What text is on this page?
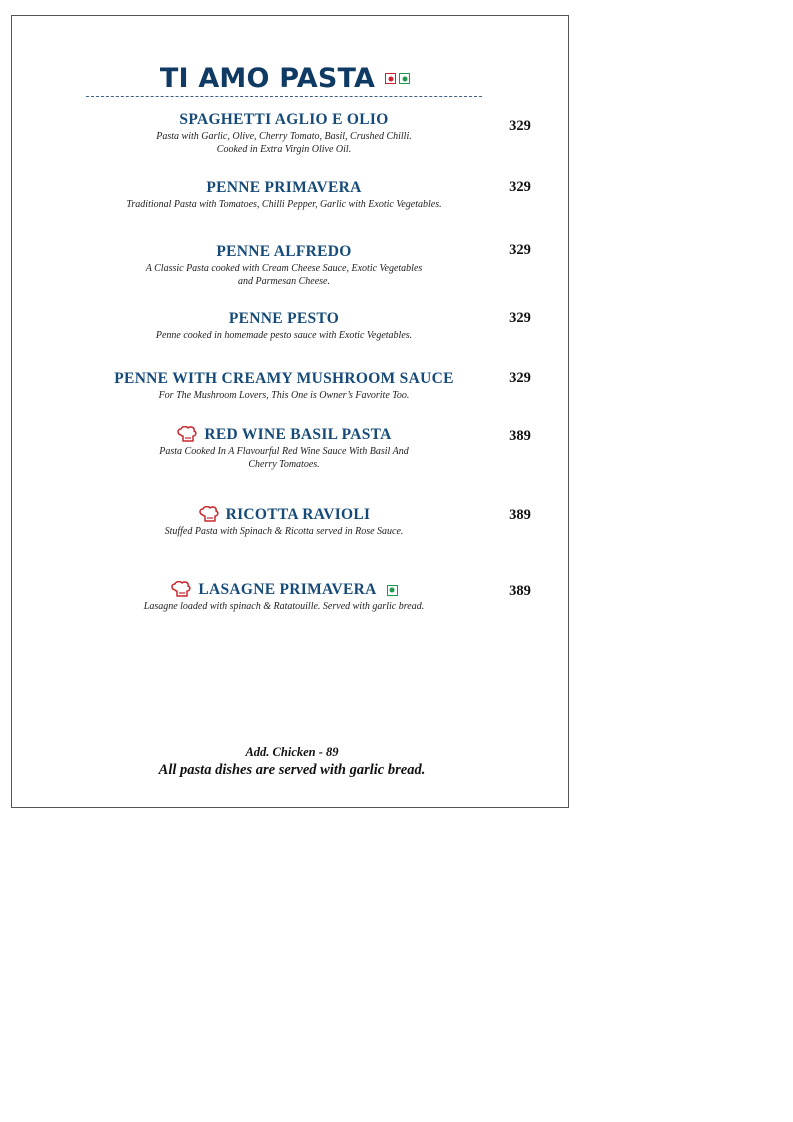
TI AMO PASTA
SPAGHETTI AGLIO E OLIO
Pasta with Garlic, Olive, Cherry Tomato, Basil, Crushed Chilli.
Cooked in Extra Virgin Olive Oil.
329
PENNE PRIMAVERA
Traditional Pasta with Tomatoes, Chilli Pepper, Garlic with Exotic Vegetables.
329
PENNE ALFREDO
A Classic Pasta cooked with Cream Cheese Sauce, Exotic Vegetables
and Parmesan Cheese.
329
PENNE PESTO
Penne cooked in homemade pesto sauce with Exotic Vegetables.
329
PENNE WITH CREAMY MUSHROOM SAUCE
For The Mushroom Lovers, This One is Owner’s Favorite Too.
329
RED WINE BASIL PASTA
Pasta Cooked In A Flavourful Red Wine Sauce With Basil And
Cherry Tomatoes.
389
RICOTTA RAVIOLI
Stuffed Pasta with Spinach & Ricotta served in Rose Sauce.
389
LASAGNE PRIMAVERA
Lasagne loaded with spinach & Ratatouille. Served with garlic bread.
389
Add. Chicken - 89
All pasta dishes are served with garlic bread.
